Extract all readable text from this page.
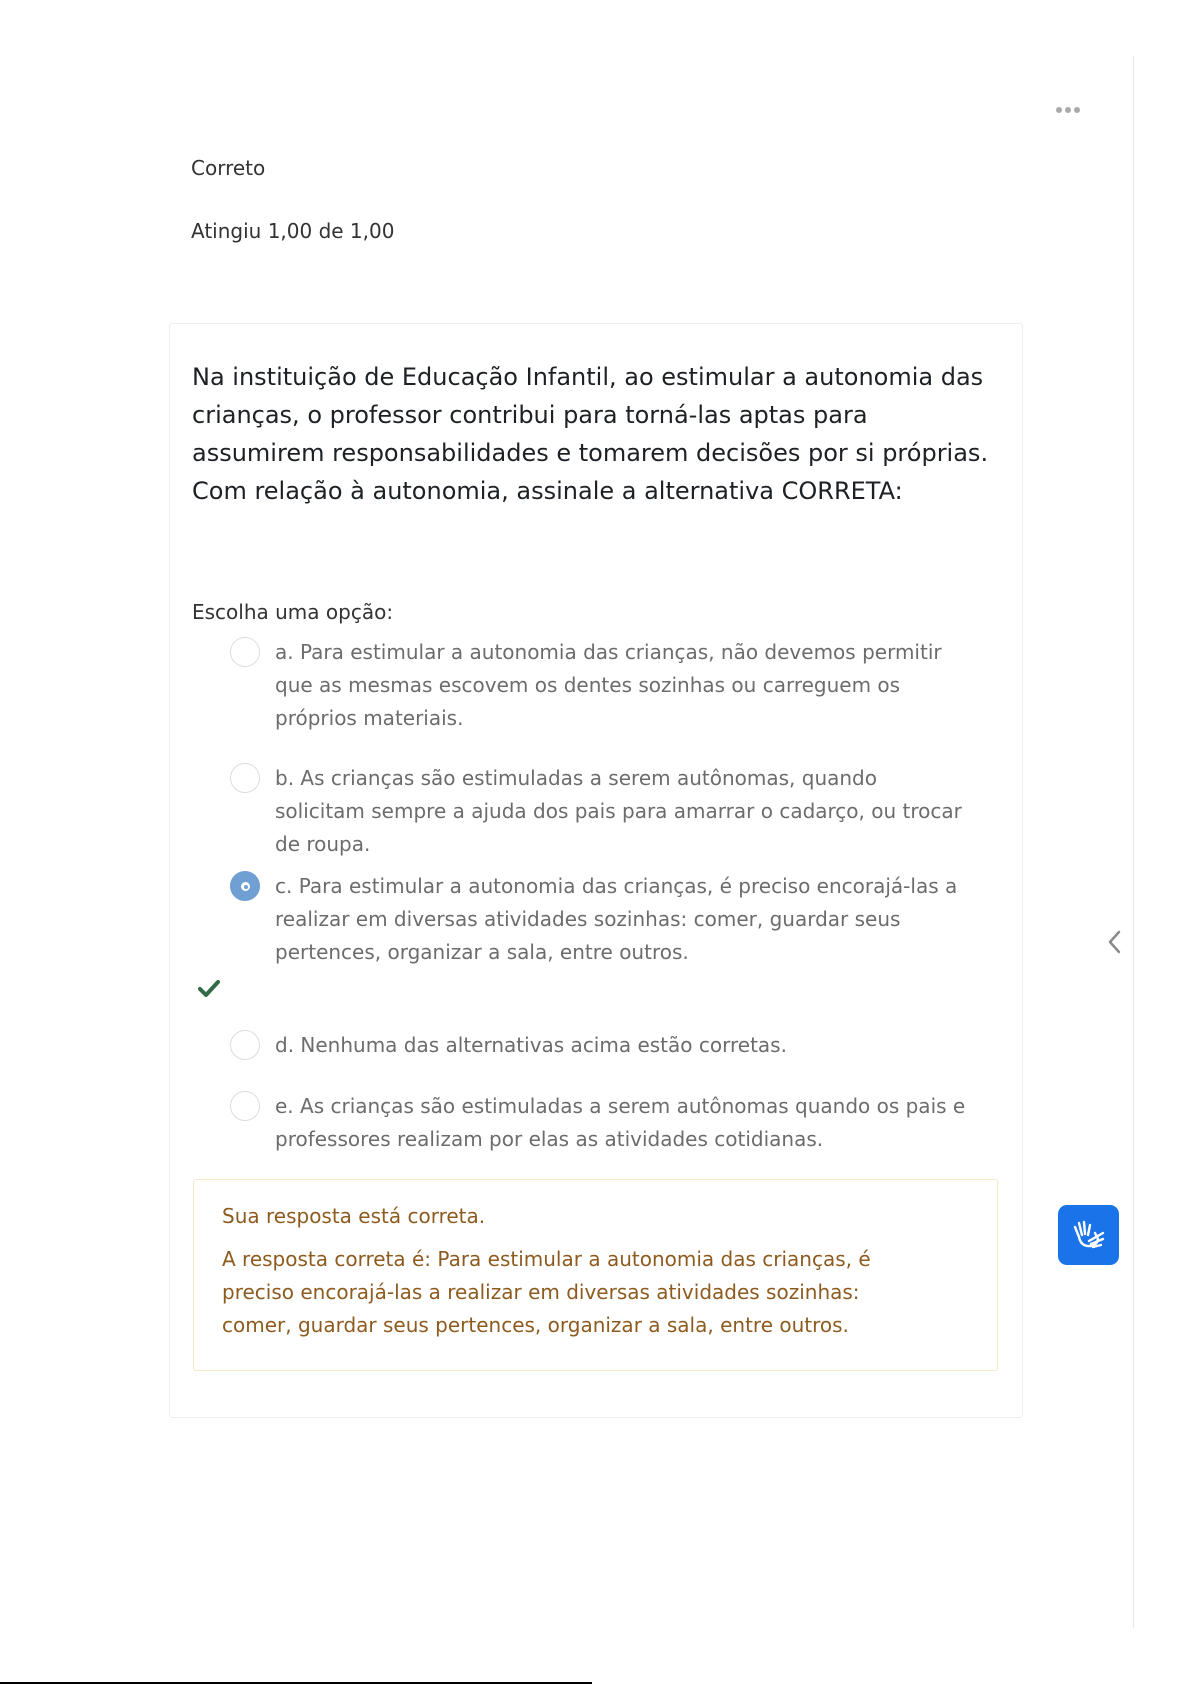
Correto
Atingiu 1,00 de 1,00
Na instituição de Educação Infantil, ao estimular a autonomia das crianças, o professor contribui para torná-las aptas para assumirem responsabilidades e tomarem decisões por si próprias. Com relação à autonomia, assinale a alternativa CORRETA:
Escolha uma opção:
a. Para estimular a autonomia das crianças, não devemos permitir que as mesmas escovem os dentes sozinhas ou carreguem os próprios materiais.
b. As crianças são estimuladas a serem autônomas, quando solicitam sempre a ajuda dos pais para amarrar o cadarço, ou trocar de roupa.
c. Para estimular a autonomia das crianças, é preciso encorajá-las a realizar em diversas atividades sozinhas: comer, guardar seus pertences, organizar a sala, entre outros.
d. Nenhuma das alternativas acima estão corretas.
e. As crianças são estimuladas a serem autônomas quando os pais e professores realizam por elas as atividades cotidianas.
Sua resposta está correta.
A resposta correta é: Para estimular a autonomia das crianças, é preciso encorajá-las a realizar em diversas atividades sozinhas: comer, guardar seus pertences, organizar a sala, entre outros.
